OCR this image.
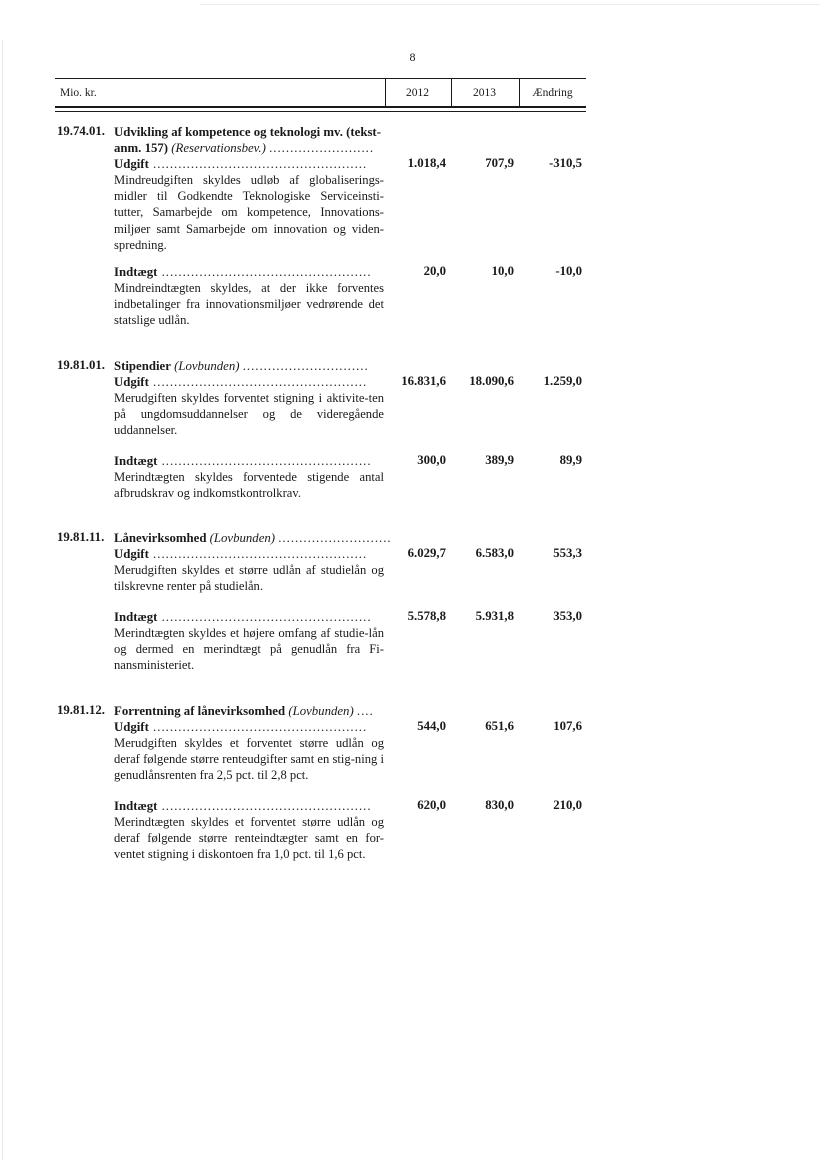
8
Mio. kr.	2012	2013	Ændring
19.74.01. Udvikling af kompetence og teknologi mv. (tekst-
anm. 157) (Reservationsbev.) .........................
Udgift ...................................................	1.018,4	707,9	-310,5
Mindreudgiften skyldes udløb af globaliserings-midler til Godkendte Teknologiske Serviceinsti-tutter, Samarbejde om kompetence, Innovations-miljøer samt Samarbejde om innovation og viden-spredning.
Indtægt ..................................................	20,0	10,0	-10,0
Mindreindtægten skyldes, at der ikke forventes indbetalinger fra innovationsmiljøer vedrørende det statslige udlån.
19.81.01. Stipendier (Lovbunden) ..............................
Udgift ...................................................	16.831,6	18.090,6	1.259,0
Merudgiften skyldes forventet stigning i aktivite-ten på ungdomsuddannelser og de videregående uddannelser.
Indtægt ..................................................	300,0	389,9	89,9
Merindtægten skyldes forventede stigende antal afbrudskrav og indkomstkontrolkrav.
19.81.11. Lånevirksomhed (Lovbunden) ...........................
Udgift ...................................................	6.029,7	6.583,0	553,3
Merudgiften skyldes et større udlån af studielån og tilskrevne renter på studielån.
Indtægt ..................................................	5.578,8	5.931,8	353,0
Merindtægten skyldes et højere omfang af studie-lån og dermed en merindtægt på genudlån fra Fi-nansministeriet.
19.81.12. Forrentning af lånevirksomhed (Lovbunden) ....
Udgift ...................................................	544,0	651,6	107,6
Merudgiften skyldes et forventet større udlån og deraf følgende større renteudgifter samt en stig-ning i genudlånsrenten fra 2,5 pct. til 2,8 pct.
Indtægt ..................................................	620,0	830,0	210,0
Merindtægten skyldes et forventet større udlån og deraf følgende større renteindtægter samt en for-ventet stigning i diskontoen fra 1,0 pct. til 1,6 pct.
